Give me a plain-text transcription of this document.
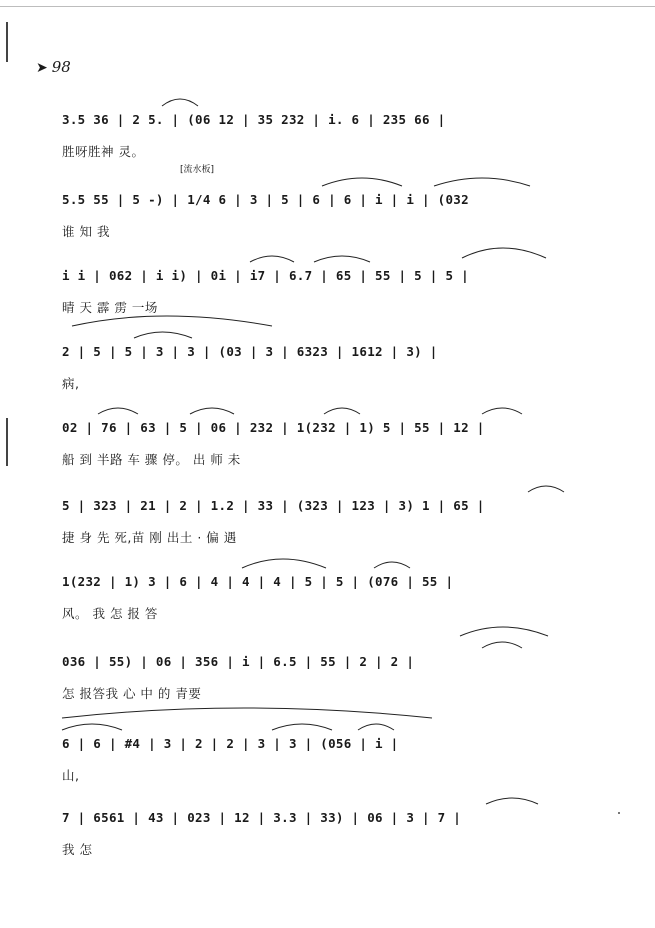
➤ 98
3.5 36 | 2 5. | (06 12 | 35 232 | i. 6 | 235 66 |
胜呀胜神 灵。
[流水板]
5.5 55 | 5 -) | 1/4 6 | 3 | 5 | 6 | 6 | i | i | (032
谁 知 我
i i | 062 | i i) | 0i | i7 | 6.7 | 65 | 55 | 5 | 5 |
晴 天 霹 雳 一场
2 | 5 | 5 | 3 | 3 | (03 | 3 | 6323 | 1612 | 3) |
病,
02 | 76 | 63 | 5 | 06 | 232 | 1(232 | 1) 5 | 55 | 12 |
船 到 半路 车 骤 停。 出 师 未
5 | 323 | 21 | 2 | 1.2 | 33 | (323 | 123 | 3) 1 | 65 |
捷 身 先 死,苗 刚 出土 · 偏 遇
1(232 | 1) 3 | 6 | 4 | 4 | 4 | 5 | 5 | (076 | 55 |
风。 我 怎 报 答
036 | 55) | 06 | 356 | i | 6.5 | 55 | 2 | 2 |
怎 报答我 心 中 的 青要
6 | 6 | #4 | 3 | 2 | 2 | 3 | 3 | (056 | i |
山,
7 | 6561 | 43 | 023 | 12 | 3.3 | 33) | 06 | 3 | 7 |
我 怎
